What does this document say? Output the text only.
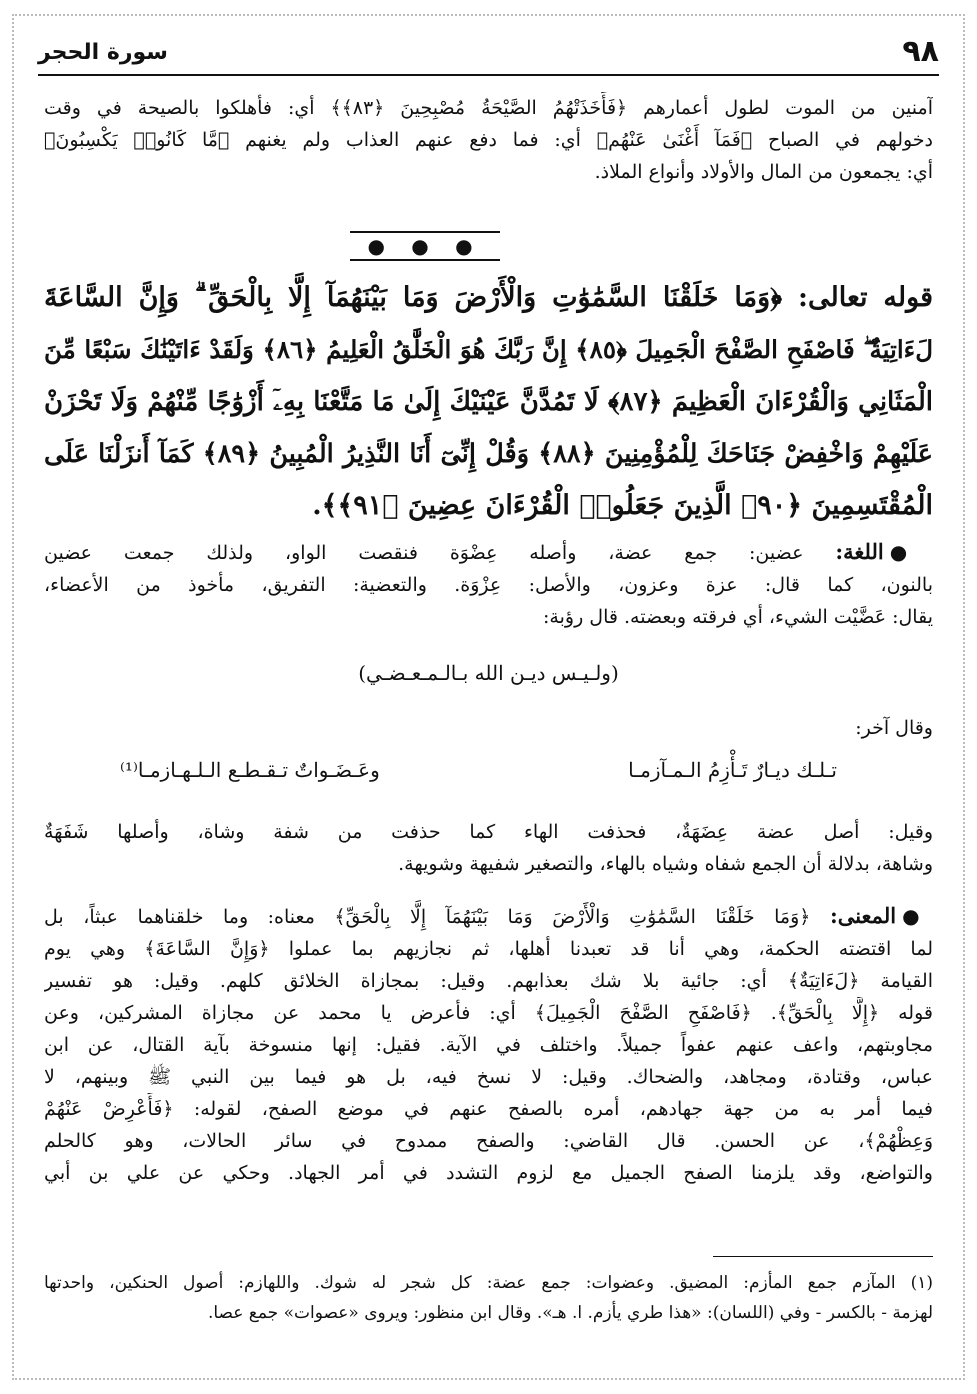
٩٨
سورة الحجر
آمنين من الموت لطول أعمارهم ﴿فَأَخَذَتْهُمُ الصَّيْحَةُ مُصْبِحِينَ ﴿٨٣﴾﴾ أي: فأهلكوا بالصيحة في وقت
دخولهم في الصباح ﴿فَمَآ أَغْنَىٰ عَنْهُم﴾ أي: فما دفع عنهم العذاب ولم يغنهم ﴿مَّا كَانُوا۟ يَكْسِبُونَ﴾
أي: يجمعون من المال والأولاد وأنواع الملاذ.
● ● ●
قوله تعالى: ﴿وَمَا خَلَقْنَا السَّمَٰوَٰتِ وَالْأَرْضَ وَمَا بَيْنَهُمَآ إِلَّا بِالْحَقِّ ۗ وَإِنَّ السَّاعَةَ
لَءَاتِيَةٌ ۖ فَاصْفَحِ الصَّفْحَ الْجَمِيلَ ﴿٨٥﴾ إِنَّ رَبَّكَ هُوَ الْخَلَّٰقُ الْعَلِيمُ ﴿٨٦﴾ وَلَقَدْ ءَاتَيْنَٰكَ سَبْعًا مِّنَ
الْمَثَانِي وَالْقُرْءَانَ الْعَظِيمَ ﴿٨٧﴾ لَا تَمُدَّنَّ عَيْنَيْكَ إِلَىٰ مَا مَتَّعْنَا بِهِۦٓ أَزْوَٰجًا مِّنْهُمْ وَلَا تَحْزَنْ
عَلَيْهِمْ وَاخْفِضْ جَنَاحَكَ لِلْمُؤْمِنِينَ ﴿٨٨﴾ وَقُلْ إِنِّىٓ أَنَا النَّذِيرُ الْمُبِينُ ﴿٨٩﴾ كَمَآ أَنزَلْنَا عَلَى
الْمُقْتَسِمِينَ ﴿٩٠﴾ الَّذِينَ جَعَلُوا۟ الْقُرْءَانَ عِضِينَ ﴿٩١﴾﴾.
●اللغة: عضين: جمع عضة، وأصله عِضْوَة فنقصت الواو، ولذلك جمعت عضين
بالنون، كما قال: عزة وعزون، والأصل: عِزْوَة. والتعضية: التفريق، مأخوذ من الأعضاء،
يقال: عَضَّيْت الشيء، أي فرقته وبعضته. قال رؤبة:
(ولـيـس ديـن الله بـالـمـعـضـي)
وقال آخر:
تـلـك ديـارٌ تَـأْزِمُ الـمـآزمـا
وعَـضَـواتٌ تـقـطـع الـلـهـازمـا⁽¹⁾
وقيل: أصل عضة عِضَهَةٌ، فحذفت الهاء كما حذفت من شفة وشاة، وأصلها شَفَهَةٌ
وشاهة، بدلالة أن الجمع شفاه وشياه بالهاء، والتصغير شفيهة وشويهة.
●المعنى: ﴿وَمَا خَلَقْنَا السَّمَٰوَٰتِ وَالْأَرْضَ وَمَا بَيْنَهُمَآ إِلَّا بِالْحَقِّ﴾ معناه: وما خلقناهما عبثاً، بل
لما اقتضته الحكمة، وهي أنا قد تعبدنا أهلها، ثم نجازيهم بما عملوا ﴿وَإِنَّ السَّاعَةَ﴾ وهي يوم
القيامة ﴿لَءَاتِيَةٌ﴾ أي: جائية بلا شك بعذابهم. وقيل: بمجازاة الخلائق كلهم. وقيل: هو تفسير
قوله ﴿إِلَّا بِالْحَقِّ﴾. ﴿فَاصْفَحِ الصَّفْحَ الْجَمِيلَ﴾ أي: فأعرض يا محمد عن مجازاة المشركين، وعن
مجاوبتهم، واعف عنهم عفواً جميلاً. واختلف في الآية. فقيل: إنها منسوخة بآية القتال، عن ابن
عباس، وقتادة، ومجاهد، والضحاك. وقيل: لا نسخ فيه، بل هو فيما بين النبي ﷺ وبينهم، لا
فيما أمر به من جهة جهادهم، أمره بالصفح عنهم في موضع الصفح، لقوله: ﴿فَأَعْرِضْ عَنْهُمْ
وَعِظْهُمْ﴾، عن الحسن. قال القاضي: والصفح ممدوح في سائر الحالات، وهو كالحلم
والتواضع، وقد يلزمنا الصفح الجميل مع لزوم التشدد في أمر الجهاد. وحكي عن علي بن أبي
(١) المآزم جمع المأزم: المضيق. وعضوات: جمع عضة: كل شجر له شوك. واللهازم: أصول الحنكين، واحدتها
لهزمة - بالكسر - وفي (اللسان): «هذا طري يأزم. ا. هـ». وقال ابن منظور: ويروى «عصوات» جمع عصا.
